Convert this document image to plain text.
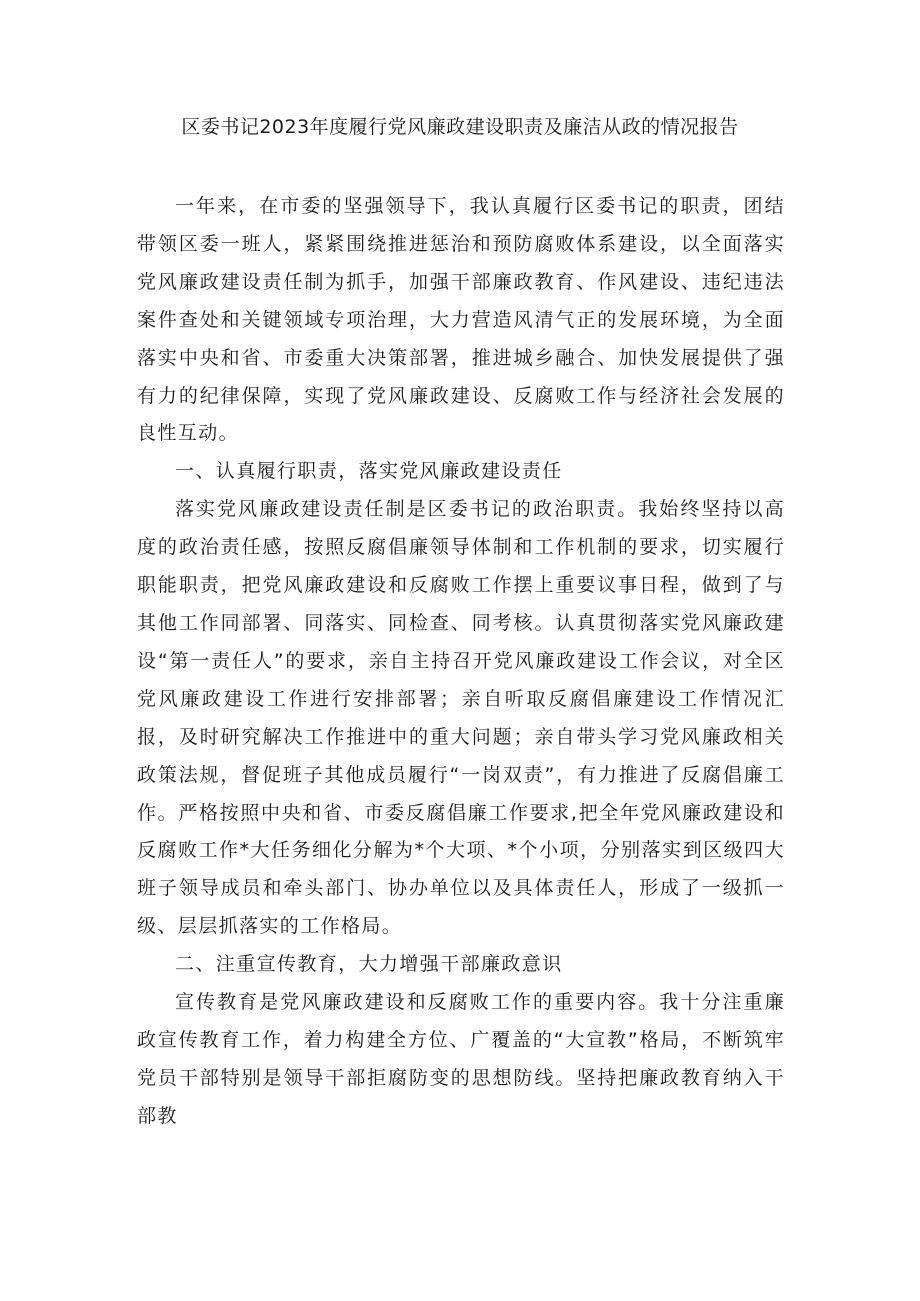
区委书记2023年度履行党风廉政建设职责及廉洁从政的情况报告

一年来，在市委的坚强领导下，我认真履行区委书记的职责，团结带领区委一班人，紧紧围绕推进惩治和预防腐败体系建设，以全面落实党风廉政建设责任制为抓手，加强干部廉政教育、作风建设、违纪违法案件查处和关键领域专项治理，大力营造风清气正的发展环境，为全面落实中央和省、市委重大决策部署，推进城乡融合、加快发展提供了强有力的纪律保障，实现了党风廉政建设、反腐败工作与经济社会发展的良性互动。

一、认真履行职责，落实党风廉政建设责任

落实党风廉政建设责任制是区委书记的政治职责。我始终坚持以高度的政治责任感，按照反腐倡廉领导体制和工作机制的要求，切实履行职能职责，把党风廉政建设和反腐败工作摆上重要议事日程，做到了与其他工作同部署、同落实、同检查、同考核。认真贯彻落实党风廉政建设“第一责任人”的要求，亲自主持召开党风廉政建设工作会议，对全区党风廉政建设工作进行安排部署；亲自听取反腐倡廉建设工作情况汇报，及时研究解决工作推进中的重大问题；亲自带头学习党风廉政相关政策法规，督促班子其他成员履行“一岗双责”，有力推进了反腐倡廉工作。严格按照中央和省、市委反腐倡廉工作要求,把全年党风廉政建设和反腐败工作*大任务细化分解为*个大项、*个小项，分别落实到区级四大班子领导成员和牵头部门、协办单位以及具体责任人，形成了一级抓一级、层层抓落实的工作格局。

二、注重宣传教育，大力增强干部廉政意识

宣传教育是党风廉政建设和反腐败工作的重要内容。我十分注重廉政宣传教育工作，着力构建全方位、广覆盖的“大宣教”格局，不断筑牢党员干部特别是领导干部拒腐防变的思想防线。坚持把廉政教育纳入干部教
